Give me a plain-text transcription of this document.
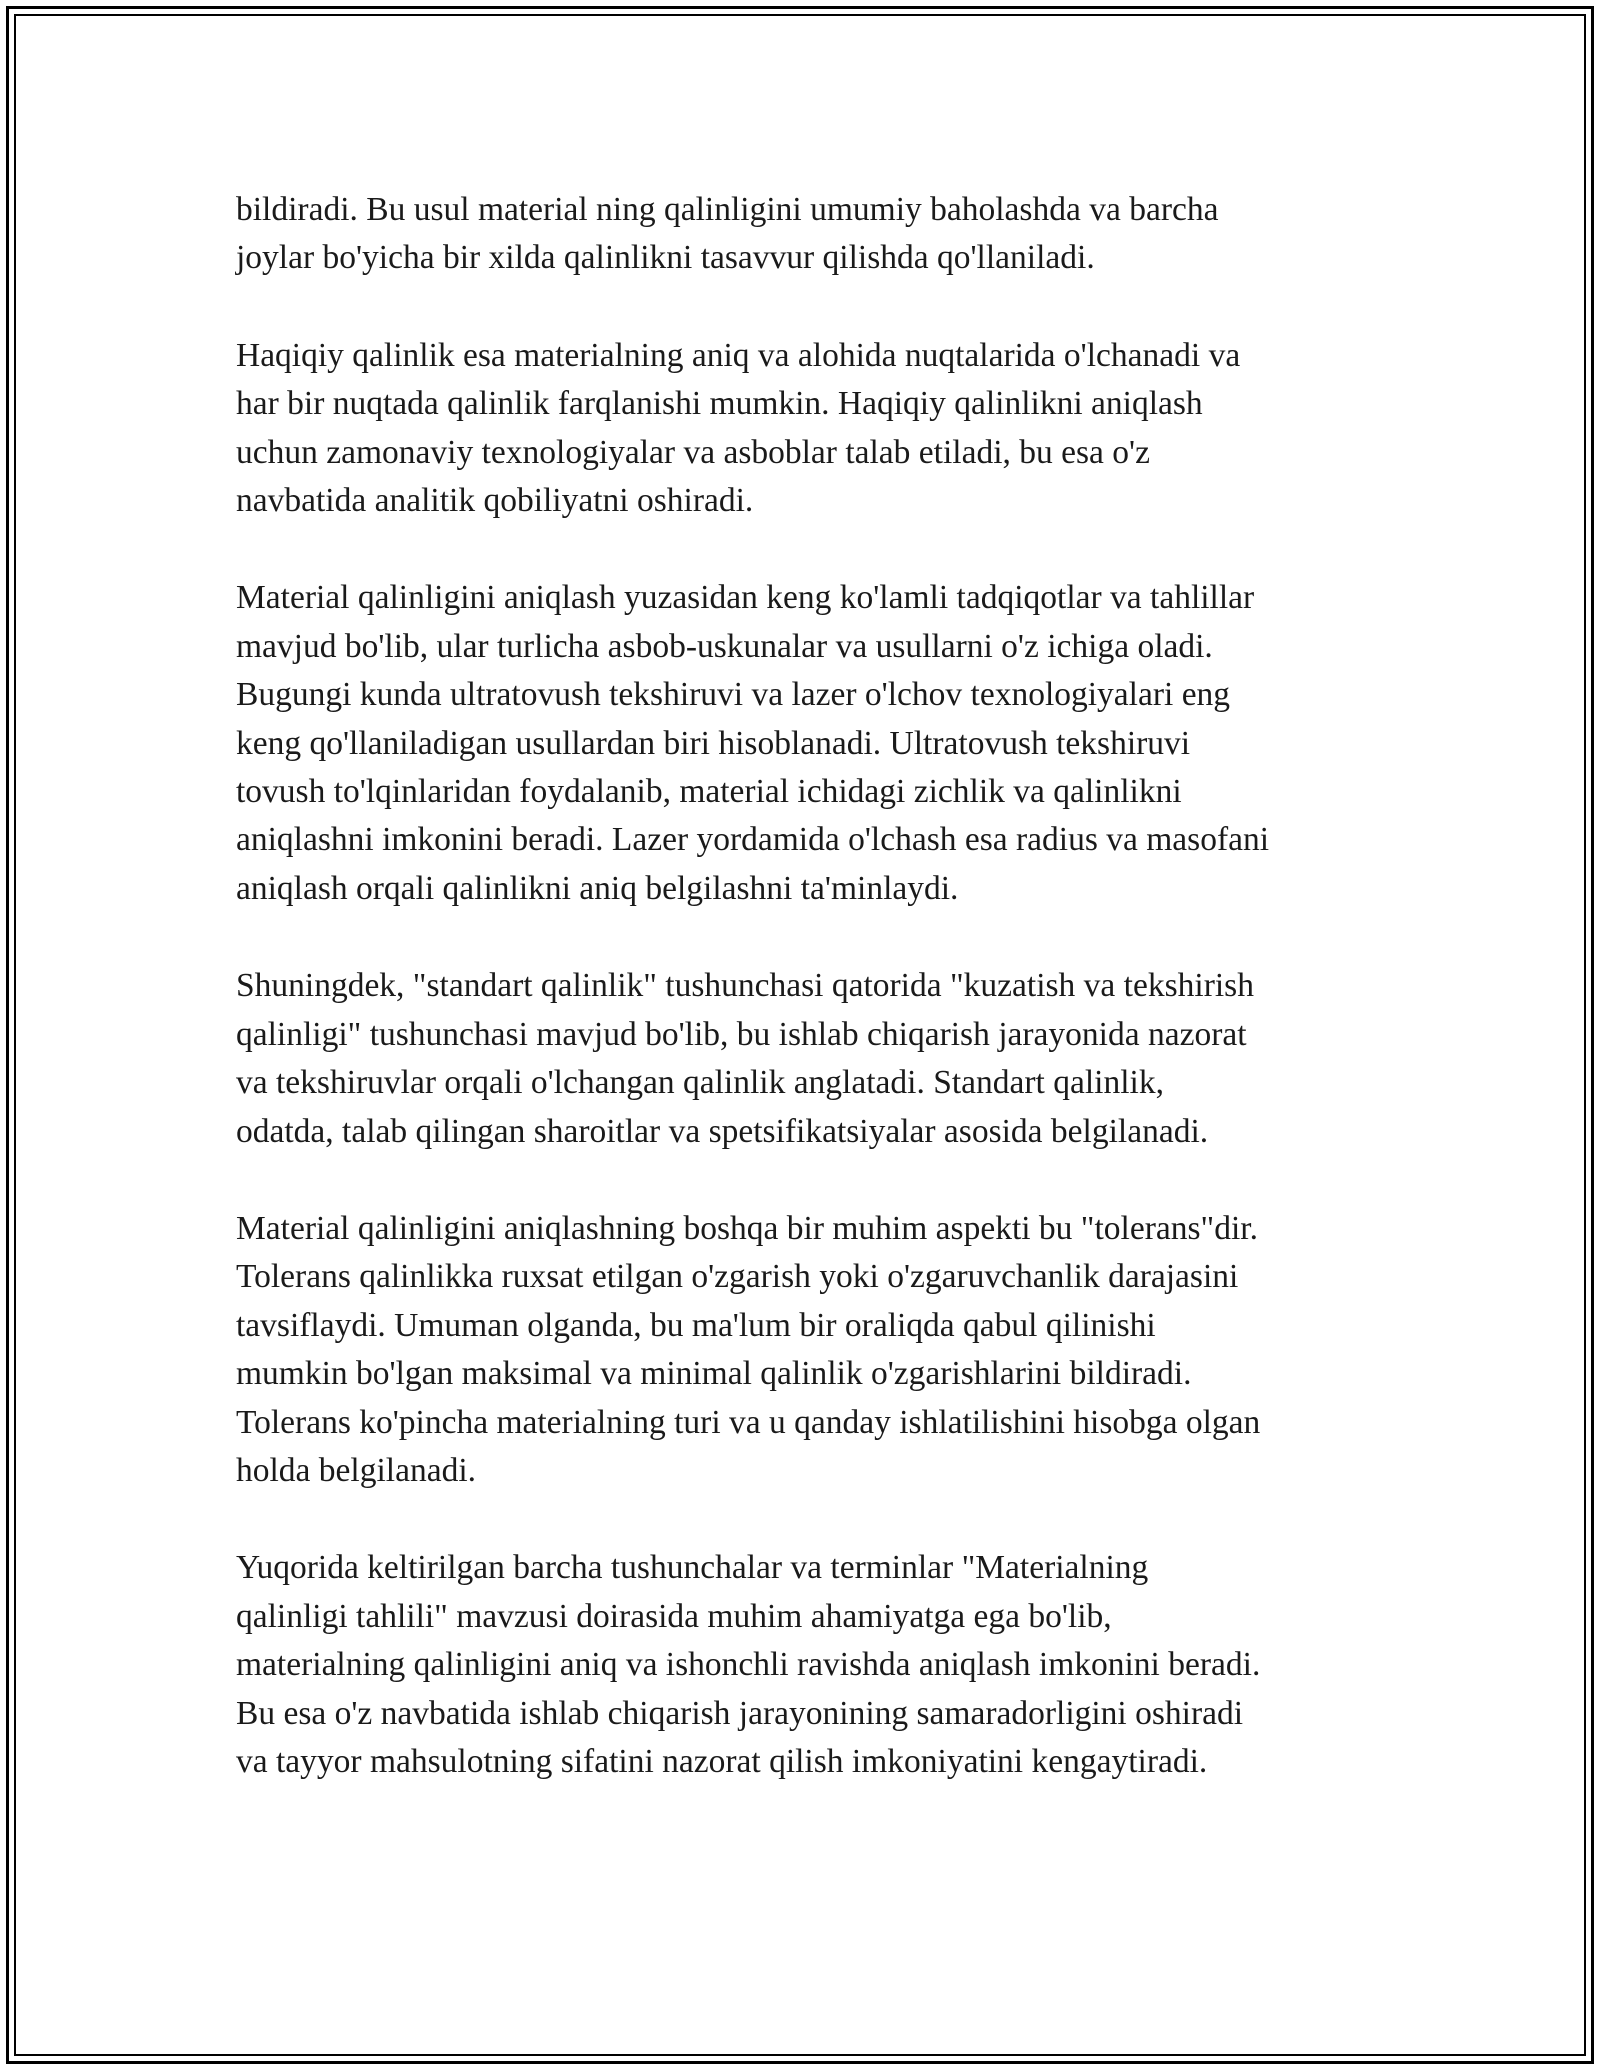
bildiradi. Bu usul material ning qalinligini umumiy baholashda va barcha
joylar bo'yicha bir xilda qalinlikni tasavvur qilishda qo'llaniladi.

Haqiqiy qalinlik esa materialning aniq va alohida nuqtalarida o'lchanadi va
har bir nuqtada qalinlik farqlanishi mumkin. Haqiqiy qalinlikni aniqlash
uchun zamonaviy texnologiyalar va asboblar talab etiladi, bu esa o'z
navbatida analitik qobiliyatni oshiradi.

Material qalinligini aniqlash yuzasidan keng ko'lamli tadqiqotlar va tahlillar
mavjud bo'lib, ular turlicha asbob-uskunalar va usullarni o'z ichiga oladi.
Bugungi kunda ultratovush tekshiruvi va lazer o'lchov texnologiyalari eng
keng qo'llaniladigan usullardan biri hisoblanadi. Ultratovush tekshiruvi
tovush to'lqinlaridan foydalanib, material ichidagi zichlik va qalinlikni
aniqlashni imkonini beradi. Lazer yordamida o'lchash esa radius va masofani
aniqlash orqali qalinlikni aniq belgilashni ta'minlaydi.

Shuningdek, "standart qalinlik" tushunchasi qatorida "kuzatish va tekshirish
qalinligi" tushunchasi mavjud bo'lib, bu ishlab chiqarish jarayonida nazorat
va tekshiruvlar orqali o'lchangan qalinlik anglatadi. Standart qalinlik,
odatda, talab qilingan sharoitlar va spetsifikatsiyalar asosida belgilanadi.

Material qalinligini aniqlashning boshqa bir muhim aspekti bu "tolerans"dir.
Tolerans qalinlikka ruxsat etilgan o'zgarish yoki o'zgaruvchanlik darajasini
tavsiflaydi. Umuman olganda, bu ma'lum bir oraliqda qabul qilinishi
mumkin bo'lgan maksimal va minimal qalinlik o'zgarishlarini bildiradi.
Tolerans ko'pincha materialning turi va u qanday ishlatilishini hisobga olgan
holda belgilanadi.

Yuqorida keltirilgan barcha tushunchalar va terminlar "Materialning
qalinligi tahlili" mavzusi doirasida muhim ahamiyatga ega bo'lib,
materialning qalinligini aniq va ishonchli ravishda aniqlash imkonini beradi.
Bu esa o'z navbatida ishlab chiqarish jarayonining samaradorligini oshiradi
va tayyor mahsulotning sifatini nazorat qilish imkoniyatini kengaytiradi.
